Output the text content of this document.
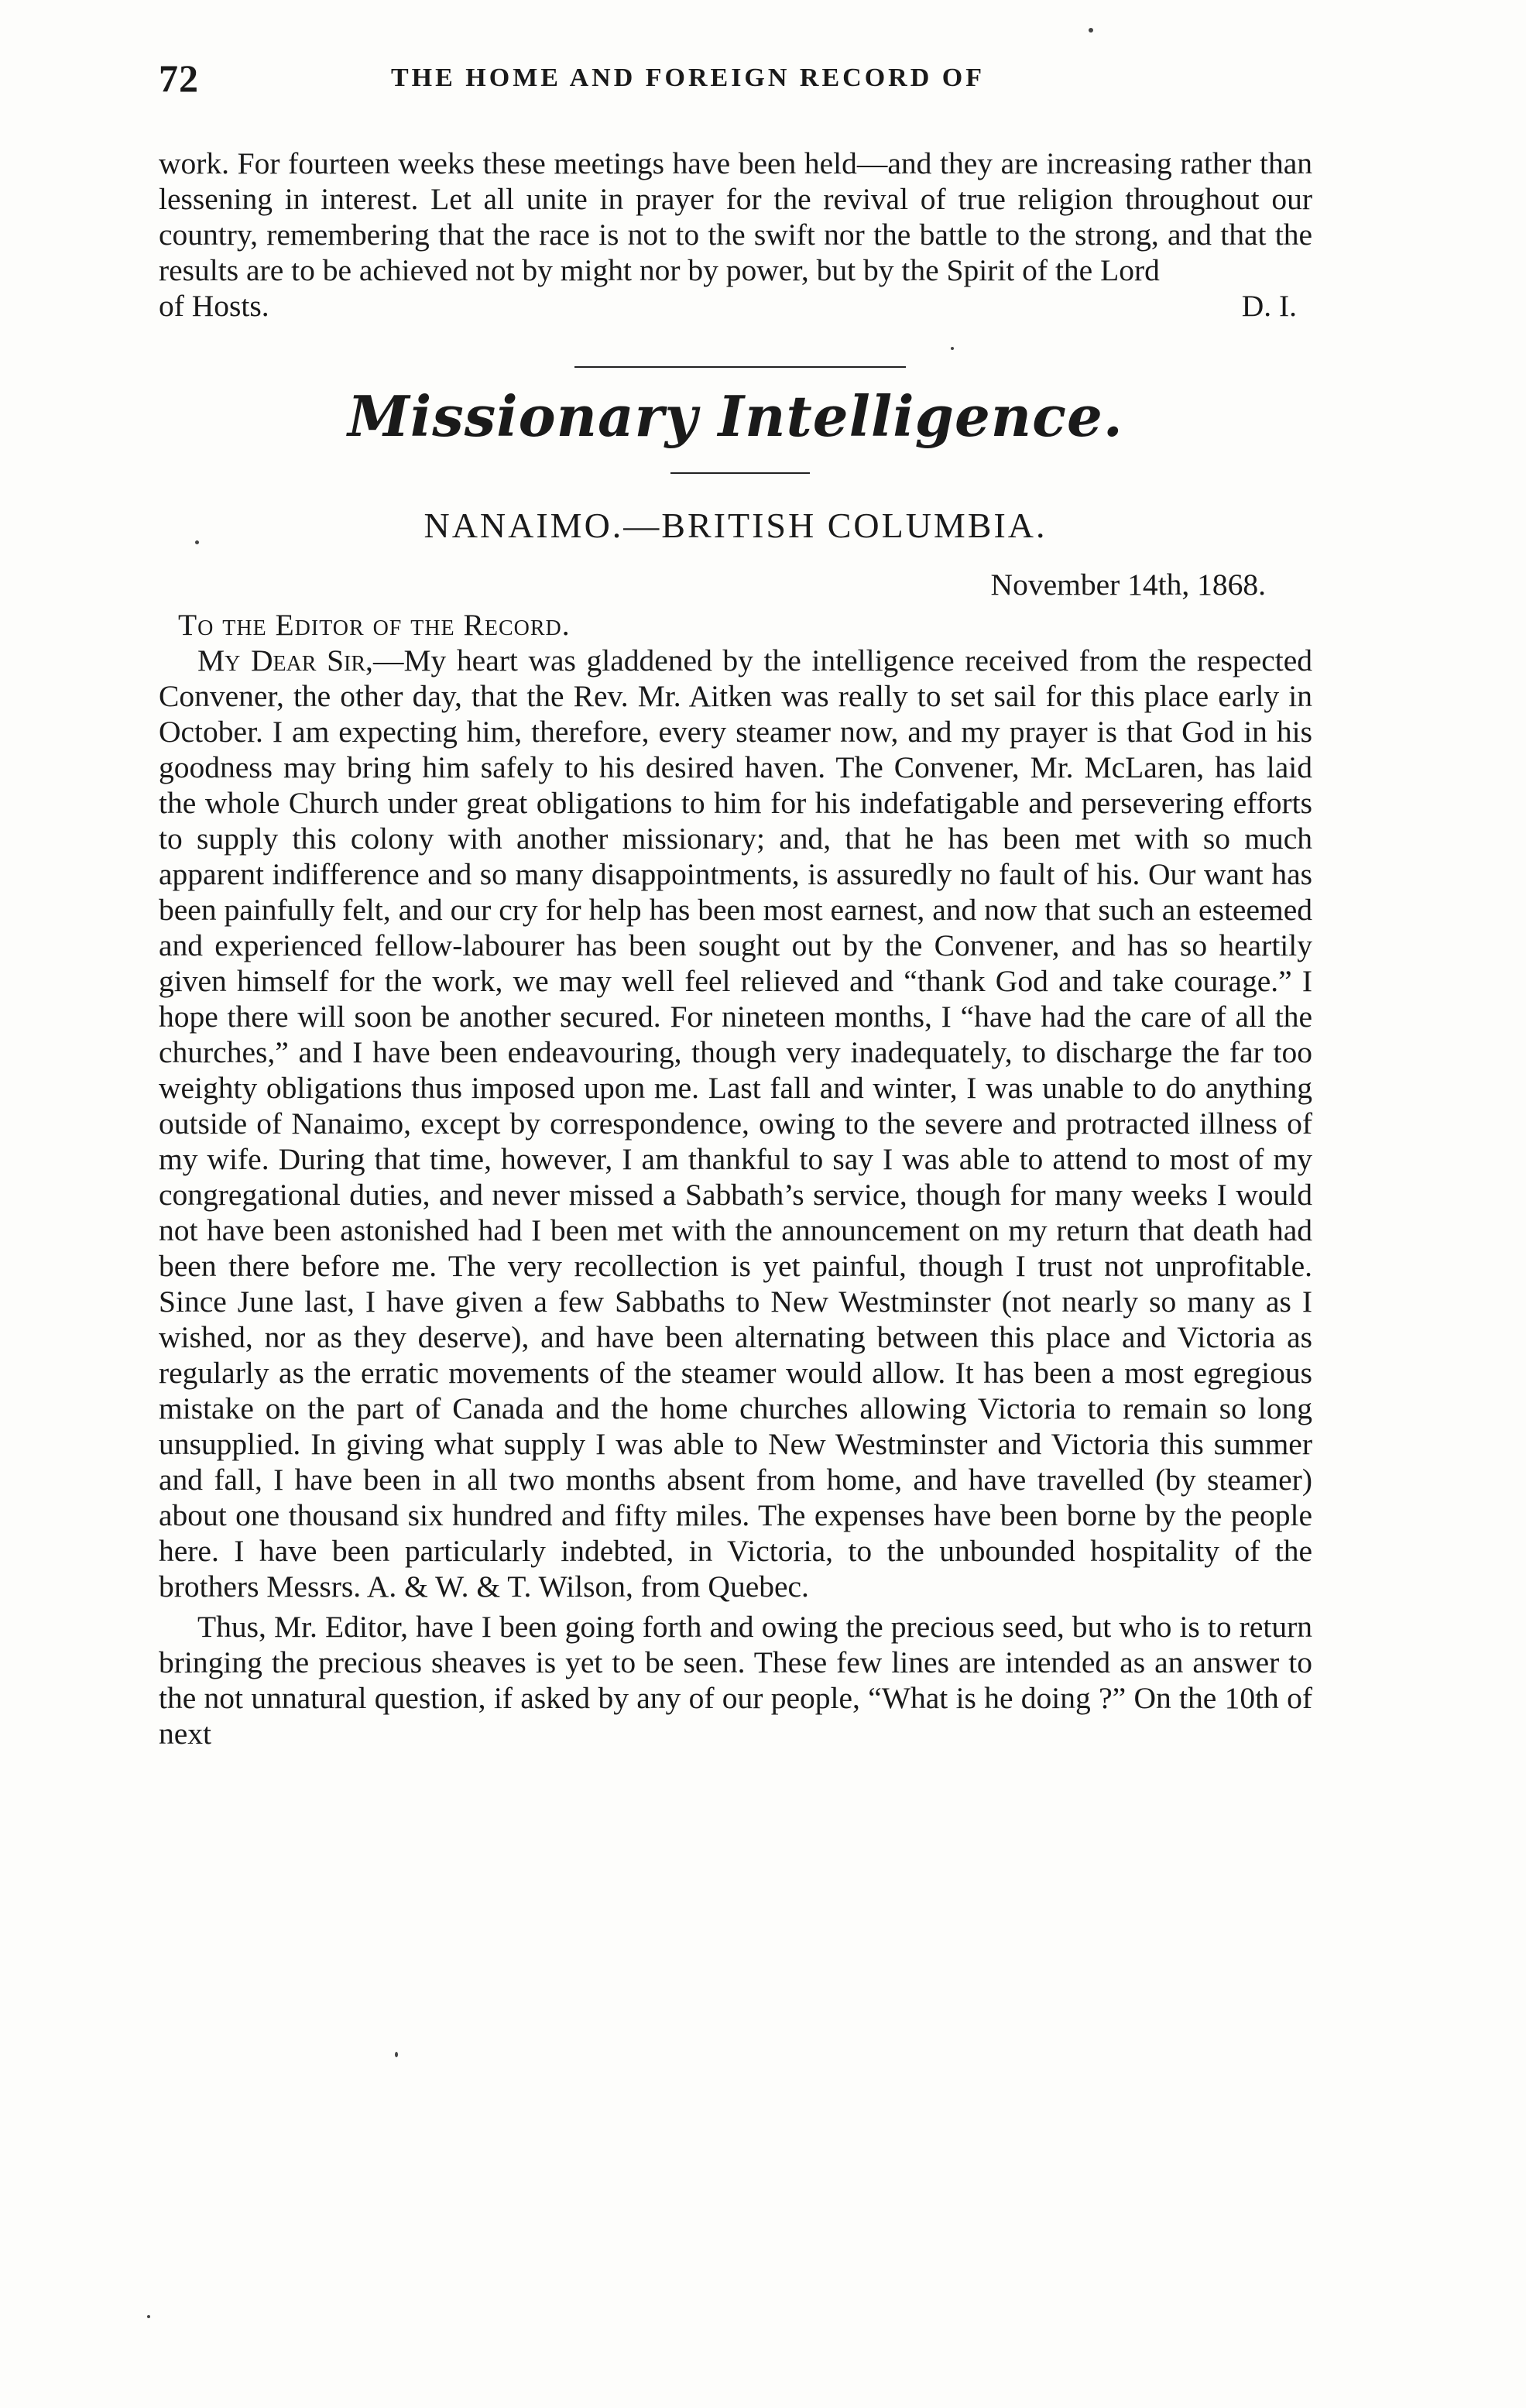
72	THE HOME AND FOREIGN RECORD OF

work. For fourteen weeks these meetings have been held—and they are increasing rather than lessening in interest. Let all unite in prayer for the revival of true religion throughout our country, remembering that the race is not to the swift nor the battle to the strong, and that the results are to be achieved not by might nor by power, but by the Spirit of the Lord

of Hosts.	D. I.
Missionary Intelligence.
NANAIMO.—BRITISH COLUMBIA.
November 14th, 1868.
To the Editor of the Record.

My Dear Sir,—My heart was gladdened by the intelligence received from the respected Convener, the other day, that the Rev. Mr. Aitken was really to set sail for this place early in October. I am expecting him, therefore, every steamer now, and my prayer is that God in his goodness may bring him safely to his desired haven. The Convener, Mr. McLaren, has laid the whole Church under great obligations to him for his indefatigable and persevering efforts to supply this colony with another missionary; and, that he has been met with so much apparent indifference and so many disappointments, is assuredly no fault of his. Our want has been painfully felt, and our cry for help has been most earnest, and now that such an esteemed and experienced fellow-labourer has been sought out by the Convener, and has so heartily given himself for the work, we may well feel relieved and “thank God and take courage.” I hope there will soon be another secured. For nineteen months, I “have had the care of all the churches,” and I have been endeavouring, though very inadequately, to discharge the far too weighty obligations thus imposed upon me. Last fall and winter, I was unable to do anything outside of Nanaimo, except by correspondence, owing to the severe and protracted illness of my wife. During that time, however, I am thankful to say I was able to attend to most of my congregational duties, and never missed a Sabbath’s service, though for many weeks I would not have been astonished had I been met with the announcement on my return that death had been there before me. The very recollection is yet painful, though I trust not unprofitable. Since June last, I have given a few Sabbaths to New Westminster (not nearly so many as I wished, nor as they deserve), and have been alternating between this place and Victoria as regularly as the erratic movements of the steamer would allow. It has been a most egregious mistake on the part of Canada and the home churches allowing Victoria to remain so long unsupplied. In giving what supply I was able to New Westminster and Victoria this summer and fall, I have been in all two months absent from home, and have travelled (by steamer) about one thousand six hundred and fifty miles. The expenses have been borne by the people here. I have been particularly indebted, in Victoria, to the unbounded hospitality of the brothers Messrs. A. & W. & T. Wilson, from Quebec.

Thus, Mr. Editor, have I been going forth and owing the precious seed, but who is to return bringing the precious sheaves is yet to be seen. These few lines are intended as an answer to the not unnatural question, if asked by any of our people, “What is he doing ?” On the 10th of next
